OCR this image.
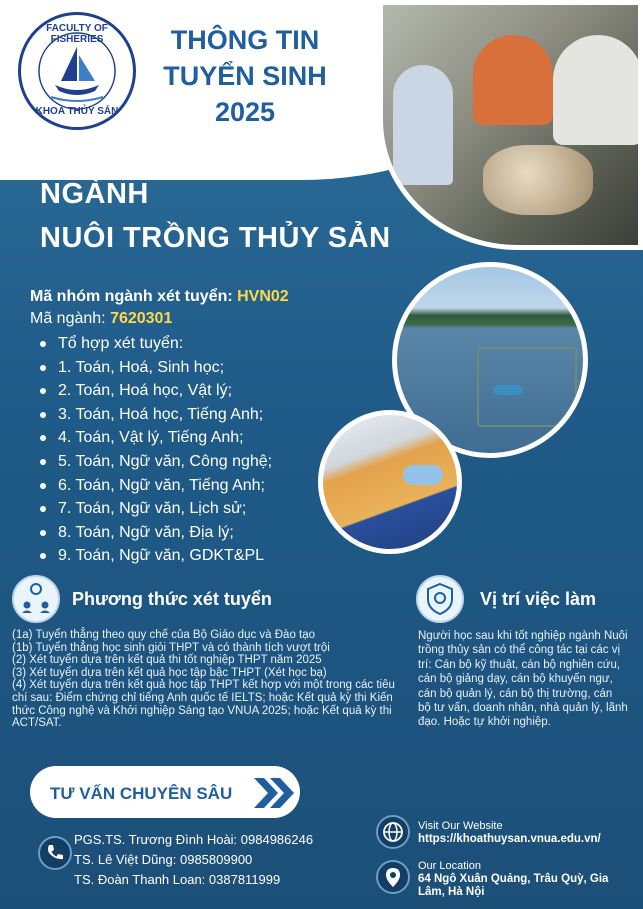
FACULTY OF FISHERIES
KHOA THỦY SẢN
THÔNG TIN
TUYỂN SINH
2025
NGÀNH
NUÔI TRỒNG THỦY SẢN
Mã nhóm ngành xét tuyển: HVN02
Mã ngành: 7620301
Tổ hợp xét tuyển:
1. Toán, Hoá, Sinh học;
2. Toán, Hoá học, Vật lý;
3. Toán, Hoá học, Tiếng Anh;
4. Toán, Vật lý, Tiếng Anh;
5. Toán, Ngữ văn, Công nghệ;
6. Toán, Ngữ văn, Tiếng Anh;
7. Toán, Ngữ văn, Lịch sử;
8. Toán, Ngữ văn, Địa lý;
9. Toán, Ngữ văn, GDKT&PL
Phương thức xét tuyển
(1a) Tuyển thẳng theo quy chế của Bộ Giáo dục và Đào tạo
(1b) Tuyển thẳng học sinh giỏi THPT và có thành tích vượt trội
(2) Xét tuyển dựa trên kết quả thi tốt nghiệp THPT năm 2025
(3) Xét tuyển dựa trên kết quả học tập bậc THPT (Xét học bạ)
(4) Xét tuyển dựa trên kết quả học tập THPT kết hợp với một trong các tiêu chí sau: Điểm chứng chỉ tiếng Anh quốc tế IELTS; hoặc Kết quả kỳ thi Kiến thức Công nghệ và Khởi nghiệp Sáng tạo VNUA 2025; hoặc Kết quả kỳ thi ACT/SAT.
Vị trí việc làm
Người học sau khi tốt nghiệp ngành Nuôi trồng thủy sản có thể công tác tại các vị trí: Cán bộ kỹ thuật, cán bộ nghiên cứu, cán bộ giảng dạy, cán bộ khuyến ngư, cán bộ quản lý, cán bộ thị trường, cán bộ tư vấn, doanh nhân, nhà quản lý, lãnh đạo. Hoặc tự khởi nghiệp.
TƯ VẤN CHUYÊN SÂU
PGS.TS. Trương Đình Hoài: 0984986246
TS. Lê Việt Dũng: 0985809900
TS. Đoàn Thanh Loan: 0387811999
Visit Our Website
https://khoathuysan.vnua.edu.vn/
Our Location
64 Ngô Xuân Quảng, Trâu Quỳ, Gia Lâm, Hà Nội
